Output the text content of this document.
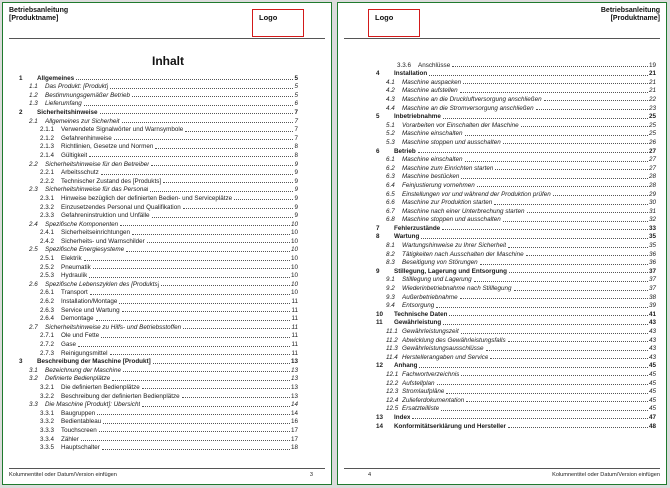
Betriebsanleitung
[Produktname]	Logo
Inhalt
1	Allgemeines	5
1.1	Das Produkt: [Produkt]	5
1.2	Bestimmungsgemäßer Betrieb	5
1.3	Lieferumfang	6
2	Sicherheitshinweise	7
2.1	Allgemeines zur Sicherheit	7
2.1.1	Verwendete Signalwörter und Warnsymbole	7
2.1.2	Gefahrenhinweise	7
2.1.3	Richtlinien, Gesetze und Normen	8
2.1.4	Gültigkeit	8
2.2	Sicherheitshinweise für den Betreiber	9
2.2.1	Arbeitsschutz	9
2.2.2	Technischer Zustand des [Produkts]	9
2.3	Sicherheitshinweise für das Personal	9
2.3.1	Hinweise bezüglich der definierten Bedien- und Serviceplätze	9
2.3.2	Einzusetzendes Personal und Qualifikation	9
2.3.3	Gefahreninstruktion und Unfälle	9
2.4	Spezifische Komponenten	10
2.4.1	Sicherheitseinrichtungen	10
2.4.2	Sicherheits- und Warnschilder	10
2.5	Spezifische Energiesysteme	10
2.5.1	Elektrik	10
2.5.2	Pneumatik	10
2.5.3	Hydraulik	10
2.6	Spezifische Lebenszyklen des [Produkts]	10
2.6.1	Transport	10
2.6.2	Installation/Montage	11
2.6.3	Service und Wartung	11
2.6.4	Demontage	11
2.7	Sicherheitshinweise zu Hilfs- und Betriebsstoffen	11
2.7.1	Öle und Fette	11
2.7.2	Gase	11
2.7.3	Reinigungsmittel	11
3	Beschreibung der Maschine [Produkt]	13
3.1	Bezeichnung der Maschine	13
3.2	Definierte Bedienplätze	13
3.2.1	Die definierten Bedienplätze	13
3.2.2	Beschreibung der definierten Bedienplätze	13
3.3	Die Maschine [Produkt]: Übersicht	14
3.3.1	Baugruppen	14
3.3.2	Bedientableau	16
3.3.3	Touchscreen	17
3.3.4	Zähler	17
3.3.5	Hauptschalter	18
Kolumnentitel oder Datum/Version einfügen	3
Logo
Betriebsanleitung
[Produktname]
3.3.6	Anschlüsse	19
4	Installation	21
4.1	Maschine auspacken	21
4.2	Maschine aufstellen	21
4.3	Maschine an die Druckluftversorgung anschließen	22
4.4	Maschine an die Stromversorgung anschließen	23
5	Inbetriebnahme	25
5.1	Vorarbeiten vor Einschalten der Maschine	25
5.2	Maschine einschalten	25
5.3	Maschine stoppen und ausschalten	26
6	Betrieb	27
6.1	Maschine einschalten	27
6.2	Maschine zum Einrichten starten	27
6.3	Maschine bestücken	28
6.4	Feinjustierung vornehmen	28
6.5	Einstellungen vor und während der Produktion prüfen	29
6.6	Maschine zur Produktion starten	30
6.7	Maschine nach einer Unterbrechung starten	31
6.8	Maschine stoppen und ausschalten	32
7	Fehlerzustände	33
8	Wartung	35
8.1	Wartungshinweise zu Ihrer Sicherheit	35
8.2	Tätigkeiten nach Ausschalten der Maschine	36
8.3	Beseitigung von Störungen	36
9	Stillegung, Lagerung und Entsorgung	37
9.1	Stilllegung und Lagerung	37
9.2	Wiederinbetriebnahme nach Stilllegung	37
9.3	Außerbetriebnahme	38
9.4	Entsorgung	39
10	Technische Daten	41
11	Gewährleistung	43
11.1 Gewährleistungszeit	43
11.2 Abwicklung des Gewährleistungsfalls	43
11.3 Gewährleistungsausschlüsse	43
11.4 Herstellerangaben und Service	43
12	Anhang	45
12.1 Fachwortverzeichnis	45
12.2 Aufstellplan	45
12.3 Stromlaufpläne	45
12.4 Zulieferdokumentation	45
12.5 Ersatzteilliste	45
13	Index	47
14	Konformitätserklärung und Hersteller	48
4	Kolumnentitel oder Datum/Version einfügen
